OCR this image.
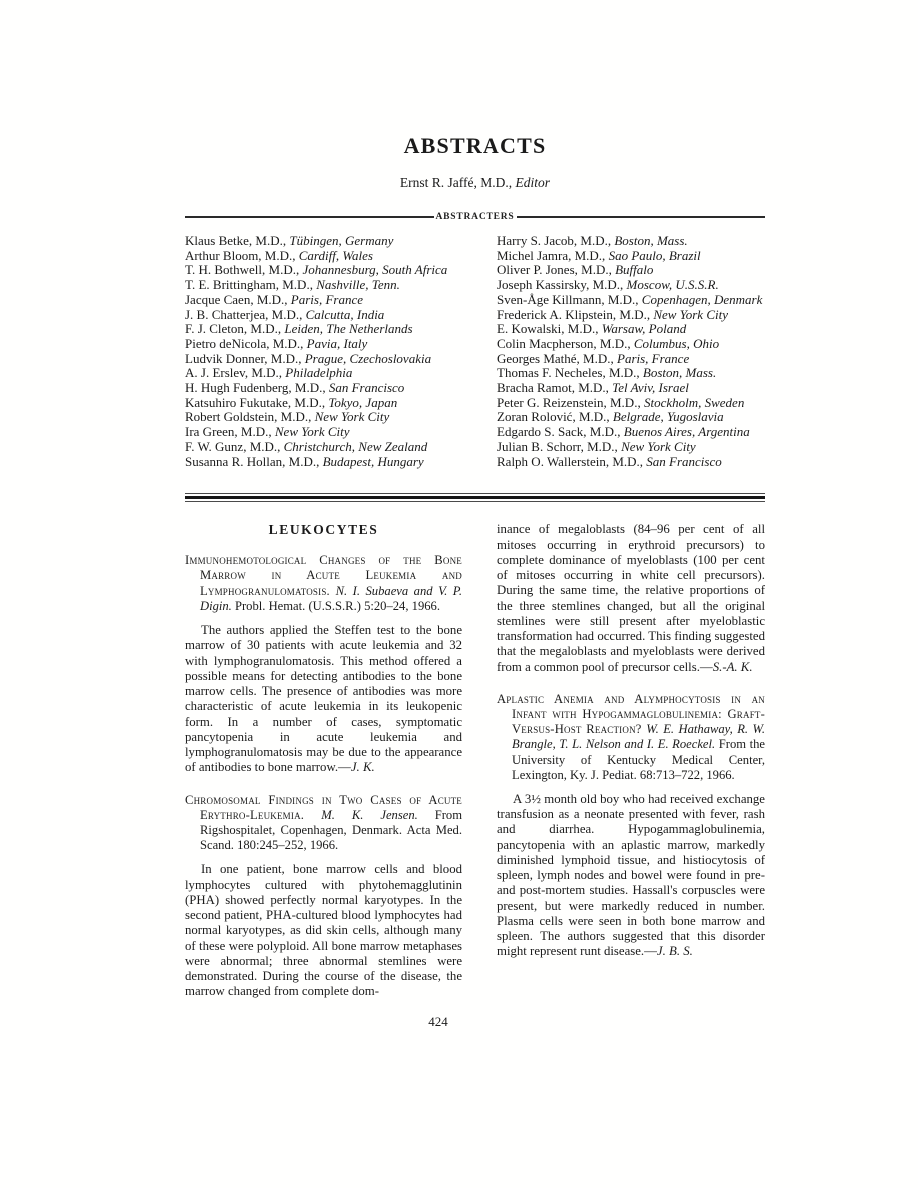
ABSTRACTS
Ernst R. Jaffé, M.D., Editor
ABSTRACTERS
Klaus Betke, M.D., Tübingen, Germany
Arthur Bloom, M.D., Cardiff, Wales
T. H. Bothwell, M.D., Johannesburg, South Africa
T. E. Brittingham, M.D., Nashville, Tenn.
Jacque Caen, M.D., Paris, France
J. B. Chatterjea, M.D., Calcutta, India
F. J. Cleton, M.D., Leiden, The Netherlands
Pietro deNicola, M.D., Pavia, Italy
Ludvik Donner, M.D., Prague, Czechoslovakia
A. J. Erslev, M.D., Philadelphia
H. Hugh Fudenberg, M.D., San Francisco
Katsuhiro Fukutake, M.D., Tokyo, Japan
Robert Goldstein, M.D., New York City
Ira Green, M.D., New York City
F. W. Gunz, M.D., Christchurch, New Zealand
Susanna R. Hollan, M.D., Budapest, Hungary
Harry S. Jacob, M.D., Boston, Mass.
Michel Jamra, M.D., Sao Paulo, Brazil
Oliver P. Jones, M.D., Buffalo
Joseph Kassirsky, M.D., Moscow, U.S.S.R.
Sven-Åge Killmann, M.D., Copenhagen, Denmark
Frederick A. Klipstein, M.D., New York City
E. Kowalski, M.D., Warsaw, Poland
Colin Macpherson, M.D., Columbus, Ohio
Georges Mathé, M.D., Paris, France
Thomas F. Necheles, M.D., Boston, Mass.
Bracha Ramot, M.D., Tel Aviv, Israel
Peter G. Reizenstein, M.D., Stockholm, Sweden
Zoran Rolović, M.D., Belgrade, Yugoslavia
Edgardo S. Sack, M.D., Buenos Aires, Argentina
Julian B. Schorr, M.D., New York City
Ralph O. Wallerstein, M.D., San Francisco
LEUKOCYTES
Immunohemotological Changes of the Bone Marrow in Acute Leukemia and Lymphogranulomatosis. N. I. Subaeva and V. P. Digin. Probl. Hemat. (U.S.S.R.) 5:20–24, 1966.
The authors applied the Steffen test to the bone marrow of 30 patients with acute leukemia and 32 with lymphogranulomatosis. This method offered a possible means for detecting antibodies to the bone marrow cells. The presence of antibodies was more characteristic of acute leukemia in its leukopenic form. In a number of cases, symptomatic pancytopenia in acute leukemia and lymphogranulomatosis may be due to the appearance of antibodies to bone marrow.—J. K.
Chromosomal Findings in Two Cases of Acute Erythro-Leukemia. M. K. Jensen. From Rigshospitalet, Copenhagen, Denmark. Acta Med. Scand. 180:245–252, 1966.
In one patient, bone marrow cells and blood lymphocytes cultured with phytohemagglutinin (PHA) showed perfectly normal karyotypes. In the second patient, PHA-cultured blood lymphocytes had normal karyotypes, as did skin cells, although many of these were polyploid. All bone marrow metaphases were abnormal; three abnormal stemlines were demonstrated. During the course of the disease, the marrow changed from complete dom-
inance of megaloblasts (84–96 per cent of all mitoses occurring in erythroid precursors) to complete dominance of myeloblasts (100 per cent of mitoses occurring in white cell precursors). During the same time, the relative proportions of the three stemlines changed, but all the original stemlines were still present after myeloblastic transformation had occurred. This finding suggested that the megaloblasts and myeloblasts were derived from a common pool of precursor cells.—S.-A. K.
Aplastic Anemia and Alymphocytosis in an Infant with Hypogammaglobulinemia: Graft-Versus-Host Reaction? W. E. Hathaway, R. W. Brangle, T. L. Nelson and I. E. Roeckel. From the University of Kentucky Medical Center, Lexington, Ky. J. Pediat. 68:713–722, 1966.
A 3½ month old boy who had received exchange transfusion as a neonate presented with fever, rash and diarrhea. Hypogammaglobulinemia, pancytopenia with an aplastic marrow, markedly diminished lymphoid tissue, and histiocytosis of spleen, lymph nodes and bowel were found in pre- and post-mortem studies. Hassall's corpuscles were present, but were markedly reduced in number. Plasma cells were seen in both bone marrow and spleen. The authors suggested that this disorder might represent runt disease.—J. B. S.
424
